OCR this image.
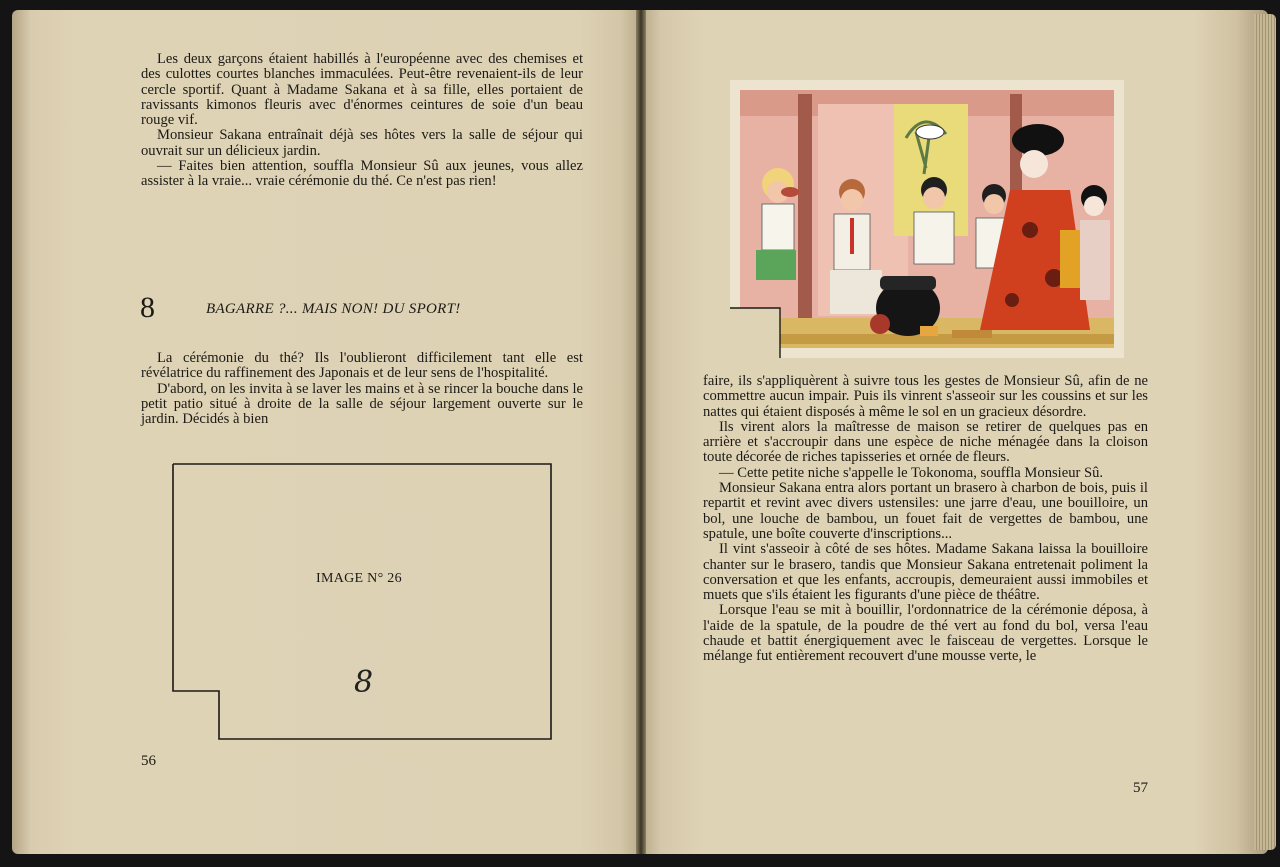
Les deux garçons étaient habillés à l'européenne avec des chemises et des culottes courtes blanches immaculées. Peut-être revenaient-ils de leur cercle sportif. Quant à Madame Sakana et à sa fille, elles portaient de ravissants kimonos fleuris avec d'énormes ceintures de soie d'un beau rouge vif.

Monsieur Sakana entraînait déjà ses hôtes vers la salle de séjour qui ouvrait sur un délicieux jardin.

— Faites bien attention, souffla Monsieur Sû aux jeunes, vous allez assister à la vraie... vraie cérémonie du thé. Ce n'est pas rien!

8	BAGARRE ?... MAIS NON! DU SPORT!

La cérémonie du thé? Ils l'oublieront difficilement tant elle est révélatrice du raffinement des Japonais et de leur sens de l'hospitalité.

D'abord, on les invita à se laver les mains et à se rincer la bouche dans le petit patio situé à droite de la salle de séjour largement ouverte sur le jardin. Décidés à bien

IMAGE N° 26
8
56

faire, ils s'appliquèrent à suivre tous les gestes de Monsieur Sû, afin de ne commettre aucun impair. Puis ils vinrent s'asseoir sur les coussins et sur les nattes qui étaient disposés à même le sol en un gracieux désordre.

Ils virent alors la maîtresse de maison se retirer de quelques pas en arrière et s'accroupir dans une espèce de niche ménagée dans la cloison toute décorée de riches tapisseries et ornée de fleurs.

— Cette petite niche s'appelle le Tokonoma, souffla Monsieur Sû.

Monsieur Sakana entra alors portant un brasero à charbon de bois, puis il repartit et revint avec divers ustensiles: une jarre d'eau, une bouilloire, un bol, une louche de bambou, un fouet fait de vergettes de bambou, une spatule, une boîte couverte d'inscriptions...

Il vint s'asseoir à côté de ses hôtes. Madame Sakana laissa la bouilloire chanter sur le brasero, tandis que Monsieur Sakana entretenait poliment la conversation et que les enfants, accroupis, demeuraient aussi immobiles et muets que s'ils étaient les figurants d'une pièce de théâtre.

Lorsque l'eau se mit à bouillir, l'ordonnatrice de la cérémonie déposa, à l'aide de la spatule, de la poudre de thé vert au fond du bol, versa l'eau chaude et battit énergiquement avec le faisceau de vergettes. Lorsque le mélange fut entièrement recouvert d'une mousse verte, le

57
